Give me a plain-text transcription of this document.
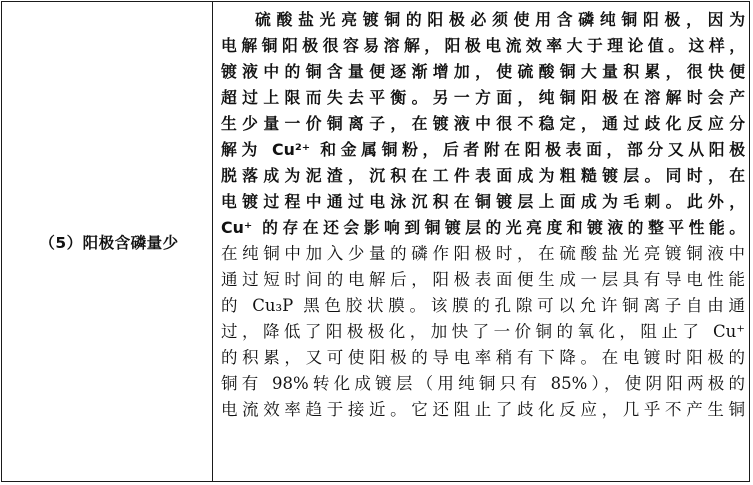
（5）阳极含磷量少
硫酸盐光亮镀铜的阳极必须使用含磷纯铜阳极，因为
电解铜阳极很容易溶解，阳极电流效率大于理论值。这样，
镀液中的铜含量便逐渐增加，使硫酸铜大量积累，很快便
超过上限而失去平衡。另一方面，纯铜阳极在溶解时会产
生少量一价铜离子，在镀液中很不稳定，通过歧化反应分
解为 Cu²⁺ 和金属铜粉，后者附在阳极表面，部分又从阳极
脱落成为泥渣，沉积在工件表面成为粗糙镀层。同时，在
电镀过程中通过电泳沉积在铜镀层上面成为毛刺。此外，
Cu⁺ 的存在还会影响到铜镀层的光亮度和镀液的整平性能。
在纯铜中加入少量的磷作阳极时，在硫酸盐光亮镀铜液中
通过短时间的电解后，阳极表面便生成一层具有导电性能
的 Cu₃P 黑色胶状膜。该膜的孔隙可以允许铜离子自由通
过，降低了阳极极化，加快了一价铜的氧化，阻止了 Cu⁺
的积累，又可使阳极的导电率稍有下降。在电镀时阳极的
铜有 98%转化成镀层（用纯铜只有 85%），使阴阳两极的
电流效率趋于接近。它还阻止了歧化反应，几乎不产生铜
